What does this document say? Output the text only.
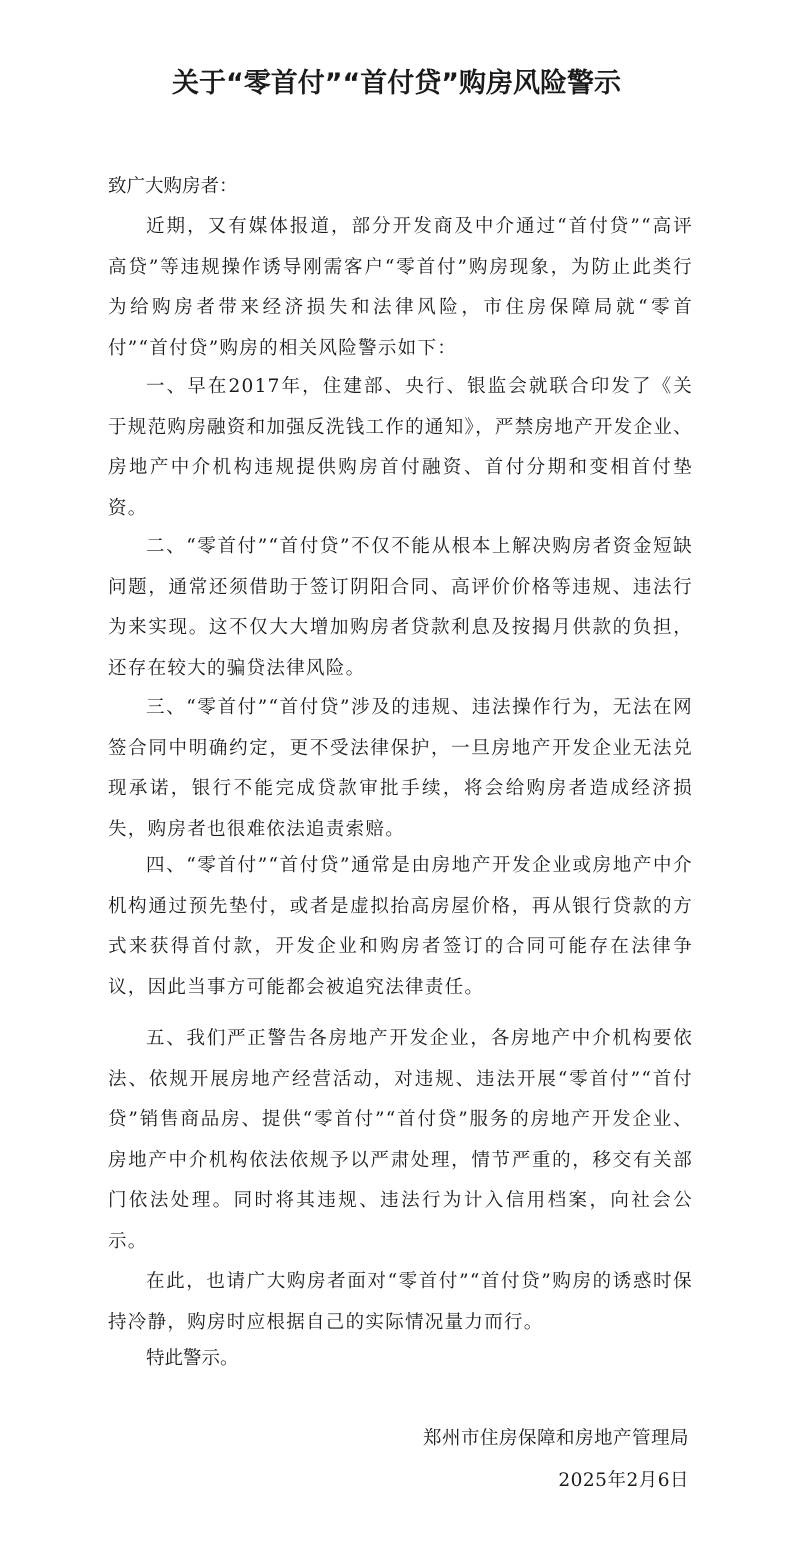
关于“零首付”“首付贷”购房风险警示

致广大购房者：

近期，又有媒体报道，部分开发商及中介通过“首付贷”“高评高贷”等违规操作诱导刚需客户“零首付”购房现象，为防止此类行为给购房者带来经济损失和法律风险，市住房保障局就“零首付”“首付贷”购房的相关风险警示如下：

一、早在2017年，住建部、央行、银监会就联合印发了《关于规范购房融资和加强反洗钱工作的通知》，严禁房地产开发企业、房地产中介机构违规提供购房首付融资、首付分期和变相首付垫资。

二、“零首付”“首付贷”不仅不能从根本上解决购房者资金短缺问题，通常还须借助于签订阴阳合同、高评价价格等违规、违法行为来实现。这不仅大大增加购房者贷款利息及按揭月供款的负担，还存在较大的骗贷法律风险。

三、“零首付”“首付贷”涉及的违规、违法操作行为，无法在网签合同中明确约定，更不受法律保护，一旦房地产开发企业无法兑现承诺，银行不能完成贷款审批手续，将会给购房者造成经济损失，购房者也很难依法追责索赔。

四、“零首付”“首付贷”通常是由房地产开发企业或房地产中介机构通过预先垫付，或者是虚拟抬高房屋价格，再从银行贷款的方式来获得首付款，开发企业和购房者签订的合同可能存在法律争议，因此当事方可能都会被追究法律责任。

五、我们严正警告各房地产开发企业，各房地产中介机构要依法、依规开展房地产经营活动，对违规、违法开展“零首付”“首付贷”销售商品房、提供“零首付”“首付贷”服务的房地产开发企业、房地产中介机构依法依规予以严肃处理，情节严重的，移交有关部门依法处理。同时将其违规、违法行为计入信用档案，向社会公示。

在此，也请广大购房者面对“零首付”“首付贷”购房的诱惑时保持冷静，购房时应根据自己的实际情况量力而行。

特此警示。

郑州市住房保障和房地产管理局

2025年2月6日
